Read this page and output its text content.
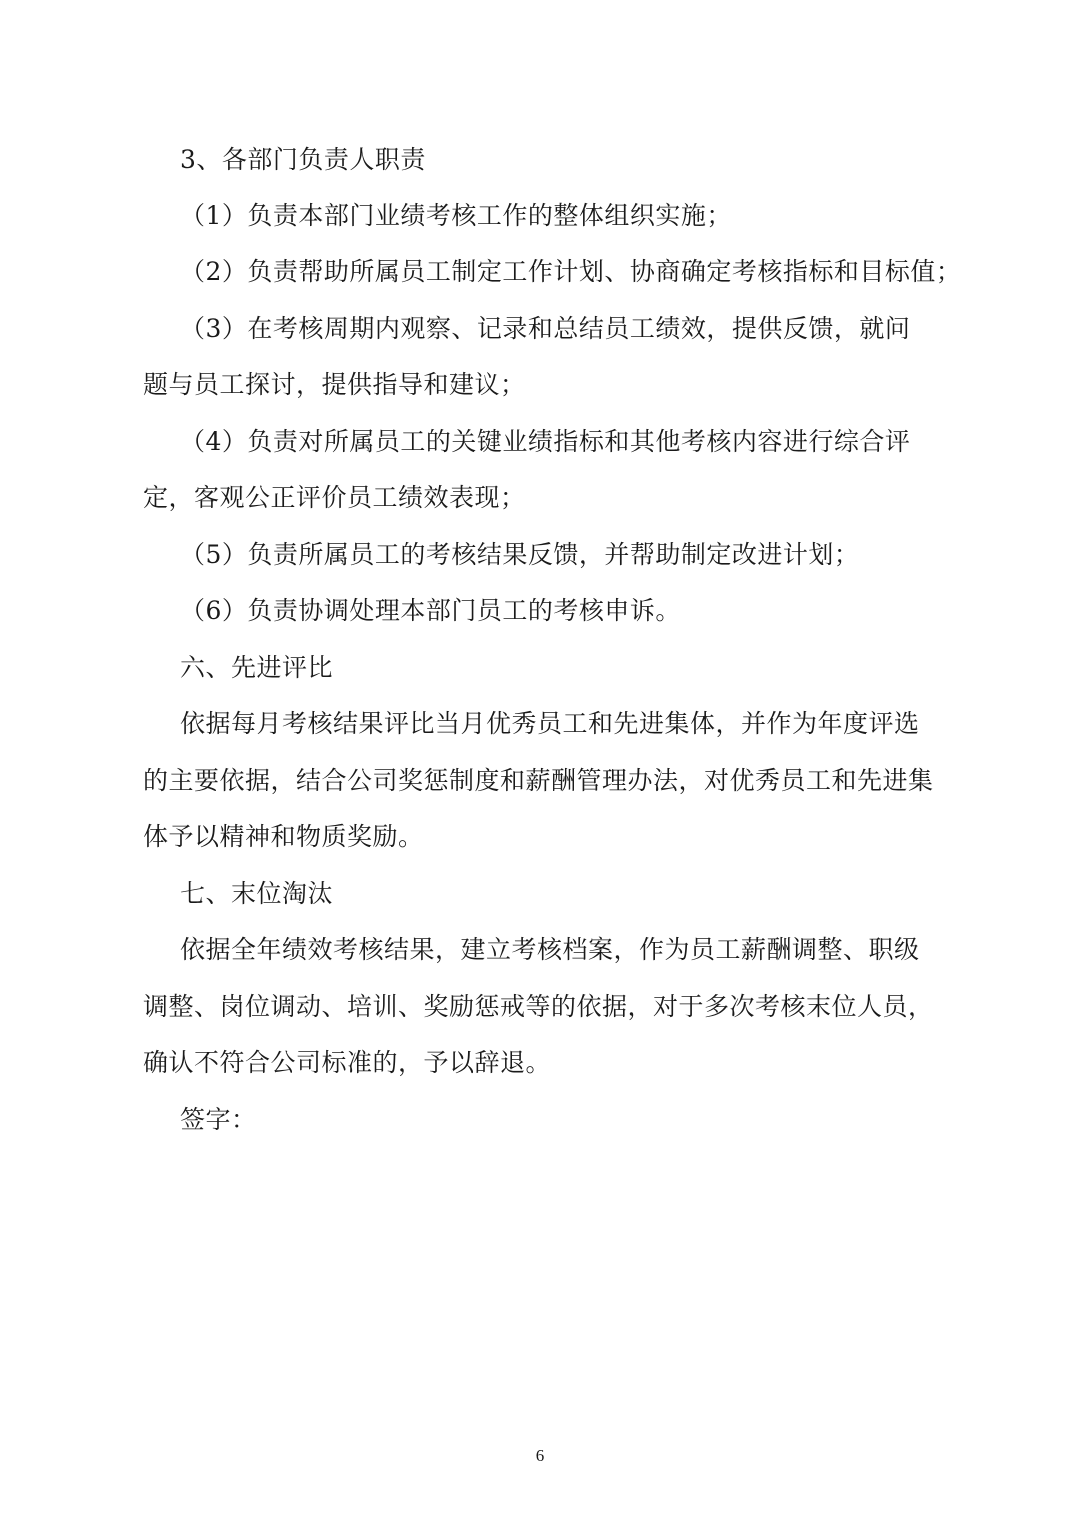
3、各部门负责人职责
（1）负责本部门业绩考核工作的整体组织实施；
（2）负责帮助所属员工制定工作计划、协商确定考核指标和目标值；
（3）在考核周期内观察、记录和总结员工绩效，提供反馈，就问
题与员工探讨，提供指导和建议；
（4）负责对所属员工的关键业绩指标和其他考核内容进行综合评
定，客观公正评价员工绩效表现；
（5）负责所属员工的考核结果反馈，并帮助制定改进计划；
（6）负责协调处理本部门员工的考核申诉。
六、先进评比
依据每月考核结果评比当月优秀员工和先进集体，并作为年度评选
的主要依据，结合公司奖惩制度和薪酬管理办法，对优秀员工和先进集
体予以精神和物质奖励。
七、末位淘汰
依据全年绩效考核结果，建立考核档案，作为员工薪酬调整、职级
调整、岗位调动、培训、奖励惩戒等的依据，对于多次考核末位人员，
确认不符合公司标准的，予以辞退。
签字：
6
